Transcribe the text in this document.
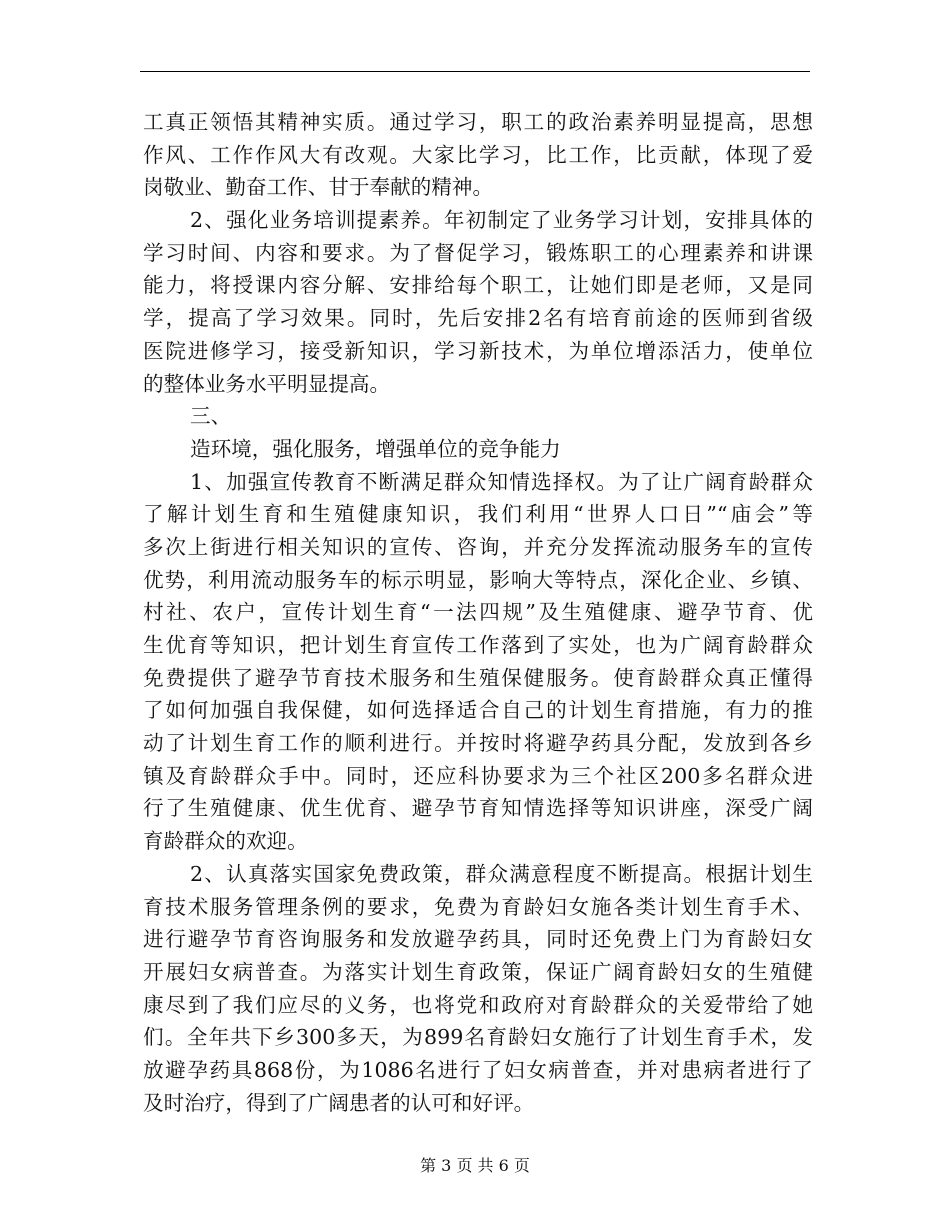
工真正领悟其精神实质。通过学习，职工的政治素养明显提高，思想
作风、工作作风大有改观。大家比学习，比工作，比贡献，体现了爱
岗敬业、勤奋工作、甘于奉献的精神。
2、强化业务培训提素养。年初制定了业务学习计划，安排具体的
学习时间、内容和要求。为了督促学习，锻炼职工的心理素养和讲课
能力，将授课内容分解、安排给每个职工，让她们即是老师，又是同
学，提高了学习效果。同时，先后安排2名有培育前途的医师到省级
医院进修学习，接受新知识，学习新技术，为单位增添活力，使单位
的整体业务水平明显提高。
三、
造环境，强化服务，增强单位的竞争能力
1、加强宣传教育不断满足群众知情选择权。为了让广阔育龄群众
了解计划生育和生殖健康知识，我们利用“世界人口日”“庙会”等
多次上街进行相关知识的宣传、咨询，并充分发挥流动服务车的宣传
优势，利用流动服务车的标示明显，影响大等特点，深化企业、乡镇、
村社、农户，宣传计划生育“一法四规”及生殖健康、避孕节育、优
生优育等知识，把计划生育宣传工作落到了实处，也为广阔育龄群众
免费提供了避孕节育技术服务和生殖保健服务。使育龄群众真正懂得
了如何加强自我保健，如何选择适合自己的计划生育措施，有力的推
动了计划生育工作的顺利进行。并按时将避孕药具分配，发放到各乡
镇及育龄群众手中。同时，还应科协要求为三个社区200多名群众进
行了生殖健康、优生优育、避孕节育知情选择等知识讲座，深受广阔
育龄群众的欢迎。
2、认真落实国家免费政策，群众满意程度不断提高。根据计划生
育技术服务管理条例的要求，免费为育龄妇女施各类计划生育手术、
进行避孕节育咨询服务和发放避孕药具，同时还免费上门为育龄妇女
开展妇女病普查。为落实计划生育政策，保证广阔育龄妇女的生殖健
康尽到了我们应尽的义务，也将党和政府对育龄群众的关爱带给了她
们。全年共下乡300多天，为899名育龄妇女施行了计划生育手术，发
放避孕药具868份，为1086名进行了妇女病普查，并对患病者进行了
及时治疗，得到了广阔患者的认可和好评。
第 3 页 共 6 页
